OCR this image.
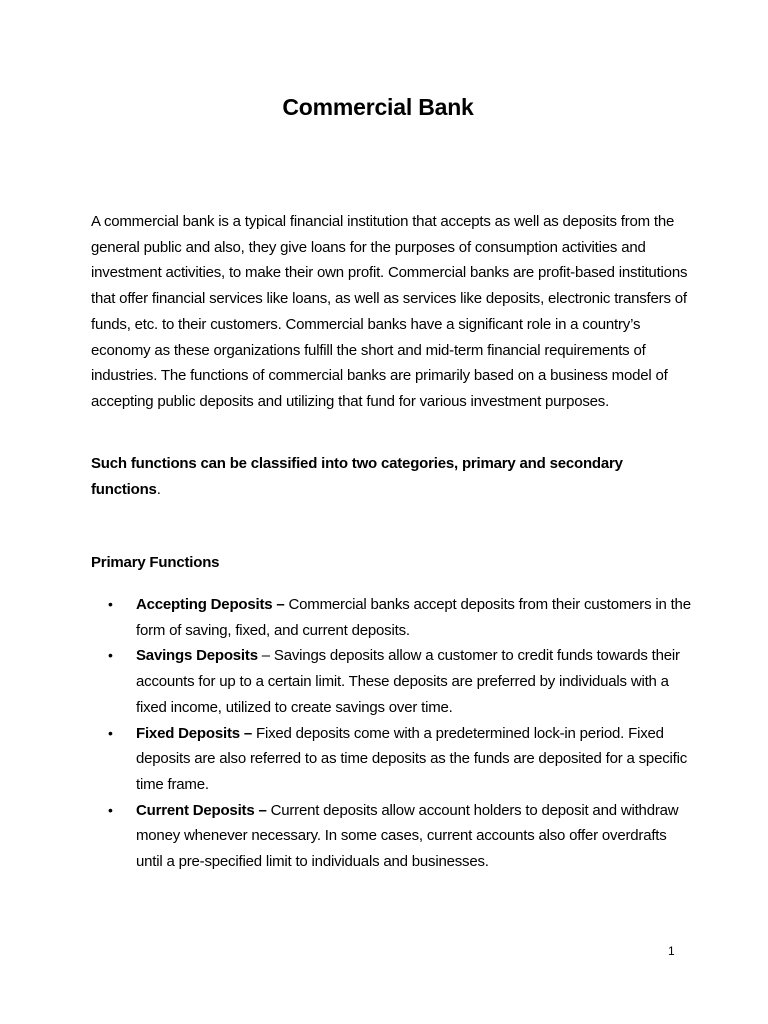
Commercial Bank

A commercial bank is a typical financial institution that accepts as well as deposits from the general public and also, they give loans for the purposes of consumption activities and investment activities, to make their own profit. Commercial banks are profit-based institutions that offer financial services like loans, as well as services like deposits, electronic transfers of funds, etc. to their customers. Commercial banks have a significant role in a country’s economy as these organizations fulfill the short and mid-term financial requirements of industries. The functions of commercial banks are primarily based on a business model of accepting public deposits and utilizing that fund for various investment purposes.

Such functions can be classified into two categories, primary and secondary functions.

Primary Functions
• Accepting Deposits – Commercial banks accept deposits from their customers in the form of saving, fixed, and current deposits.
• Savings Deposits – Savings deposits allow a customer to credit funds towards their accounts for up to a certain limit. These deposits are preferred by individuals with a fixed income, utilized to create savings over time.
• Fixed Deposits – Fixed deposits come with a predetermined lock-in period. Fixed deposits are also referred to as time deposits as the funds are deposited for a specific time frame.
• Current Deposits – Current deposits allow account holders to deposit and withdraw money whenever necessary. In some cases, current accounts also offer overdrafts until a pre-specified limit to individuals and businesses.
1
